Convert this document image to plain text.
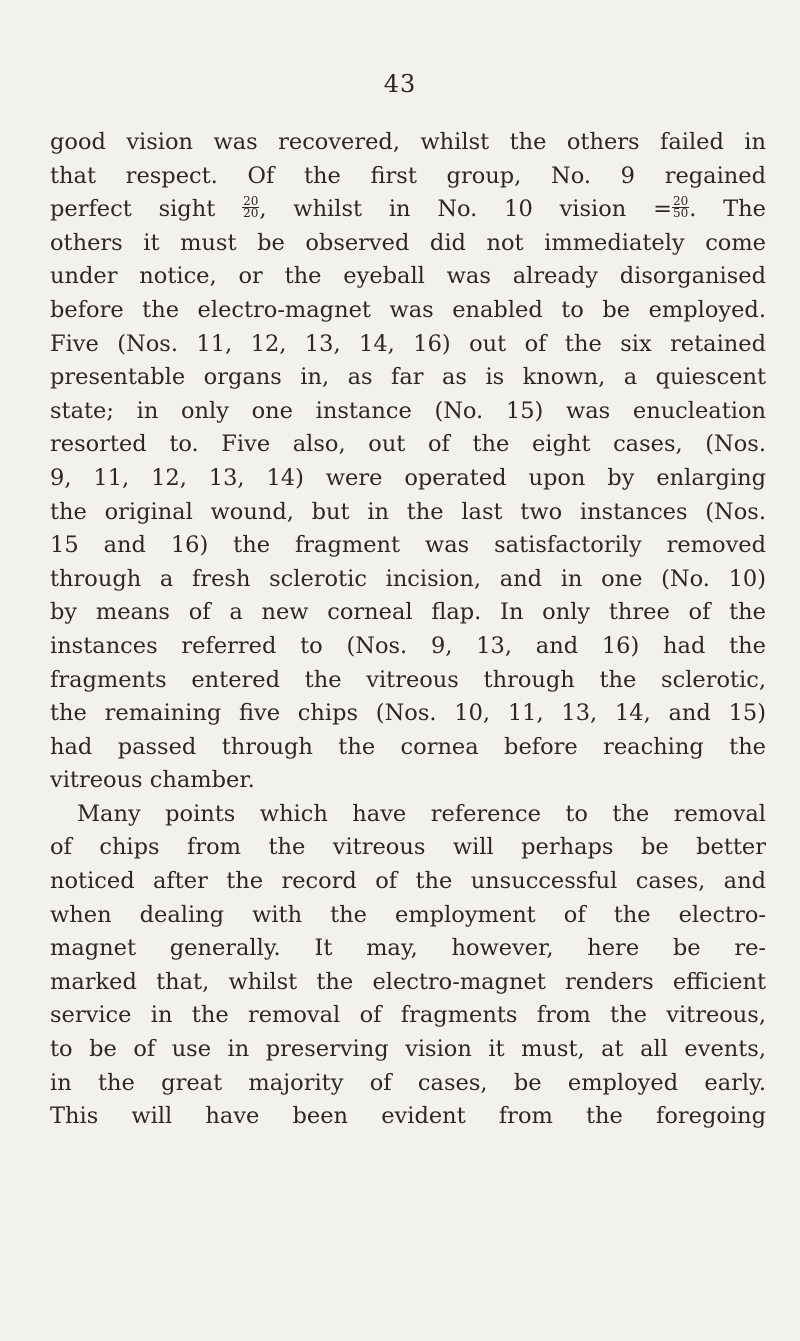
43
good vision was recovered, whilst the others failed in
that respect. Of the first group, No. 9 regained
perfect sight $\frac{20}{20}$ , whilst in No. 10 vision = $\frac{20}{50}$ . The
others it must be observed did not immediately come
under notice, or the eyeball was already disorganised
before the electro-magnet was enabled to be employed.
Five (Nos. 11, 12, 13, 14, 16) out of the six retained
presentable organs in, as far as is known, a quiescent
state; in only one instance (No. 15) was enucleation
resorted to. Five also, out of the eight cases, (Nos.
9, 11, 12, 13, 14) were operated upon by enlarging
the original wound, but in the last two instances (Nos.
15 and 16) the fragment was satisfactorily removed
through a fresh sclerotic incision, and in one (No. 10)
by means of a new corneal flap. In only three of the
instances referred to (Nos. 9, 13, and 16) had the
fragments entered the vitreous through the sclerotic,
the remaining five chips (Nos. 10, 11, 13, 14, and 15)
had passed through the cornea before reaching the
vitreous chamber.
Many points which have reference to the removal
of chips from the vitreous will perhaps be better
noticed after the record of the unsuccessful cases, and
when dealing with the employment of the electro-
magnet generally. It may, however, here be re-
marked that, whilst the electro-magnet renders efficient
service in the removal of fragments from the vitreous,
to be of use in preserving vision it must, at all events,
in the great majority of cases, be employed early.
This will have been evident from the foregoing
